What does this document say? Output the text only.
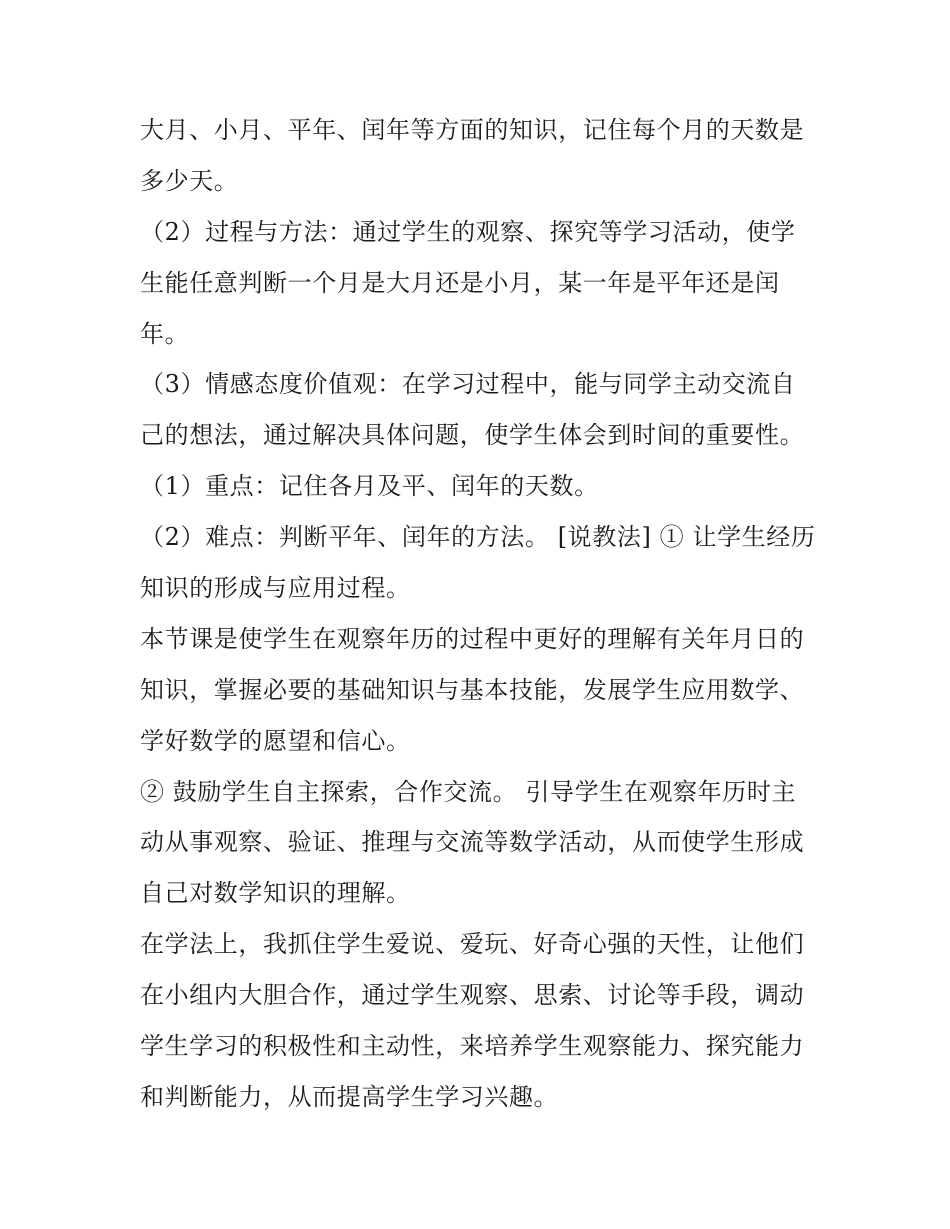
大月、小月、平年、闰年等方面的知识，记住每个月的天数是
多少天。
（2）过程与方法：通过学生的观察、探究等学习活动，使学
生能任意判断一个月是大月还是小月，某一年是平年还是闰
年。
（3）情感态度价值观：在学习过程中，能与同学主动交流自
己的想法，通过解决具体问题，使学生体会到时间的重要性。
（1）重点：记住各月及平、闰年的天数。
（2）难点：判断平年、闰年的方法。 [说教法] ① 让学生经历
知识的形成与应用过程。
本节课是使学生在观察年历的过程中更好的理解有关年月日的
知识，掌握必要的基础知识与基本技能，发展学生应用数学、
学好数学的愿望和信心。
② 鼓励学生自主探索，合作交流。 引导学生在观察年历时主
动从事观察、验证、推理与交流等数学活动，从而使学生形成
自己对数学知识的理解。
在学法上，我抓住学生爱说、爱玩、好奇心强的天性，让他们
在小组内大胆合作，通过学生观察、思索、讨论等手段，调动
学生学习的积极性和主动性，来培养学生观察能力、探究能力
和判断能力，从而提高学生学习兴趣。
